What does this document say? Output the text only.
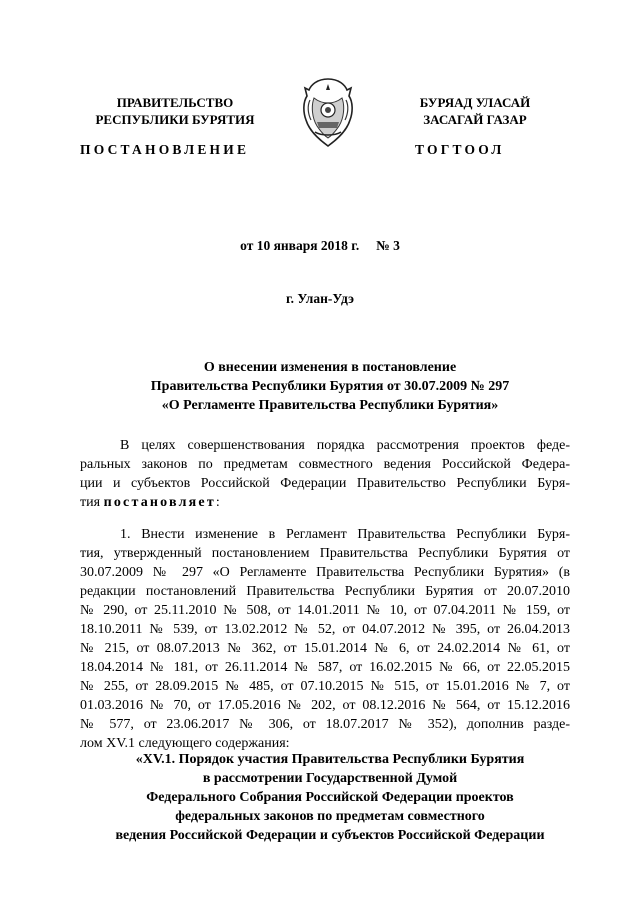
ПРАВИТЕЛЬСТВО
РЕСПУБЛИКИ БУРЯТИЯ
ПОСТАНОВЛЕНИЕ
БУРЯАД УЛАСАЙ
ЗАСАГАЙ ГАЗАР
ТОГТООЛ
от 10 января 2018 г. № 3
г. Улан-Удэ
О внесении изменения в постановление
Правительства Республики Бурятия от 30.07.2009 № 297
«О Регламенте Правительства Республики Бурятия»
В целях совершенствования порядка рассмотрения проектов феде-
ральных законов по предметам совместного ведения Российской Федера-
ции и субъектов Российской Федерации Правительство Республики Буря-
тия постановляет:
1. Внести изменение в Регламент Правительства Республики Буря-
тия, утвержденный постановлением Правительства Республики Бурятия от
30.07.2009 № 297 «О Регламенте Правительства Республики Бурятия» (в
редакции постановлений Правительства Республики Бурятия от 20.07.2010
№ 290, от 25.11.2010 № 508, от 14.01.2011 № 10, от 07.04.2011 № 159, от
18.10.2011 № 539, от 13.02.2012 № 52, от 04.07.2012 № 395, от 26.04.2013
№ 215, от 08.07.2013 № 362, от 15.01.2014 № 6, от 24.02.2014 № 61, от
18.04.2014 № 181, от 26.11.2014 № 587, от 16.02.2015 № 66, от 22.05.2015
№ 255, от 28.09.2015 № 485, от 07.10.2015 № 515, от 15.01.2016 № 7, от
01.03.2016 № 70, от 17.05.2016 № 202, от 08.12.2016 № 564, от 15.12.2016
№ 577, от 23.06.2017 № 306, от 18.07.2017 № 352), дополнив разде-
лом XV.1 следующего содержания:
«XV.1. Порядок участия Правительства Республики Бурятия
в рассмотрении Государственной Думой
Федерального Собрания Российской Федерации проектов
федеральных законов по предметам совместного
ведения Российской Федерации и субъектов Российской Федерации
